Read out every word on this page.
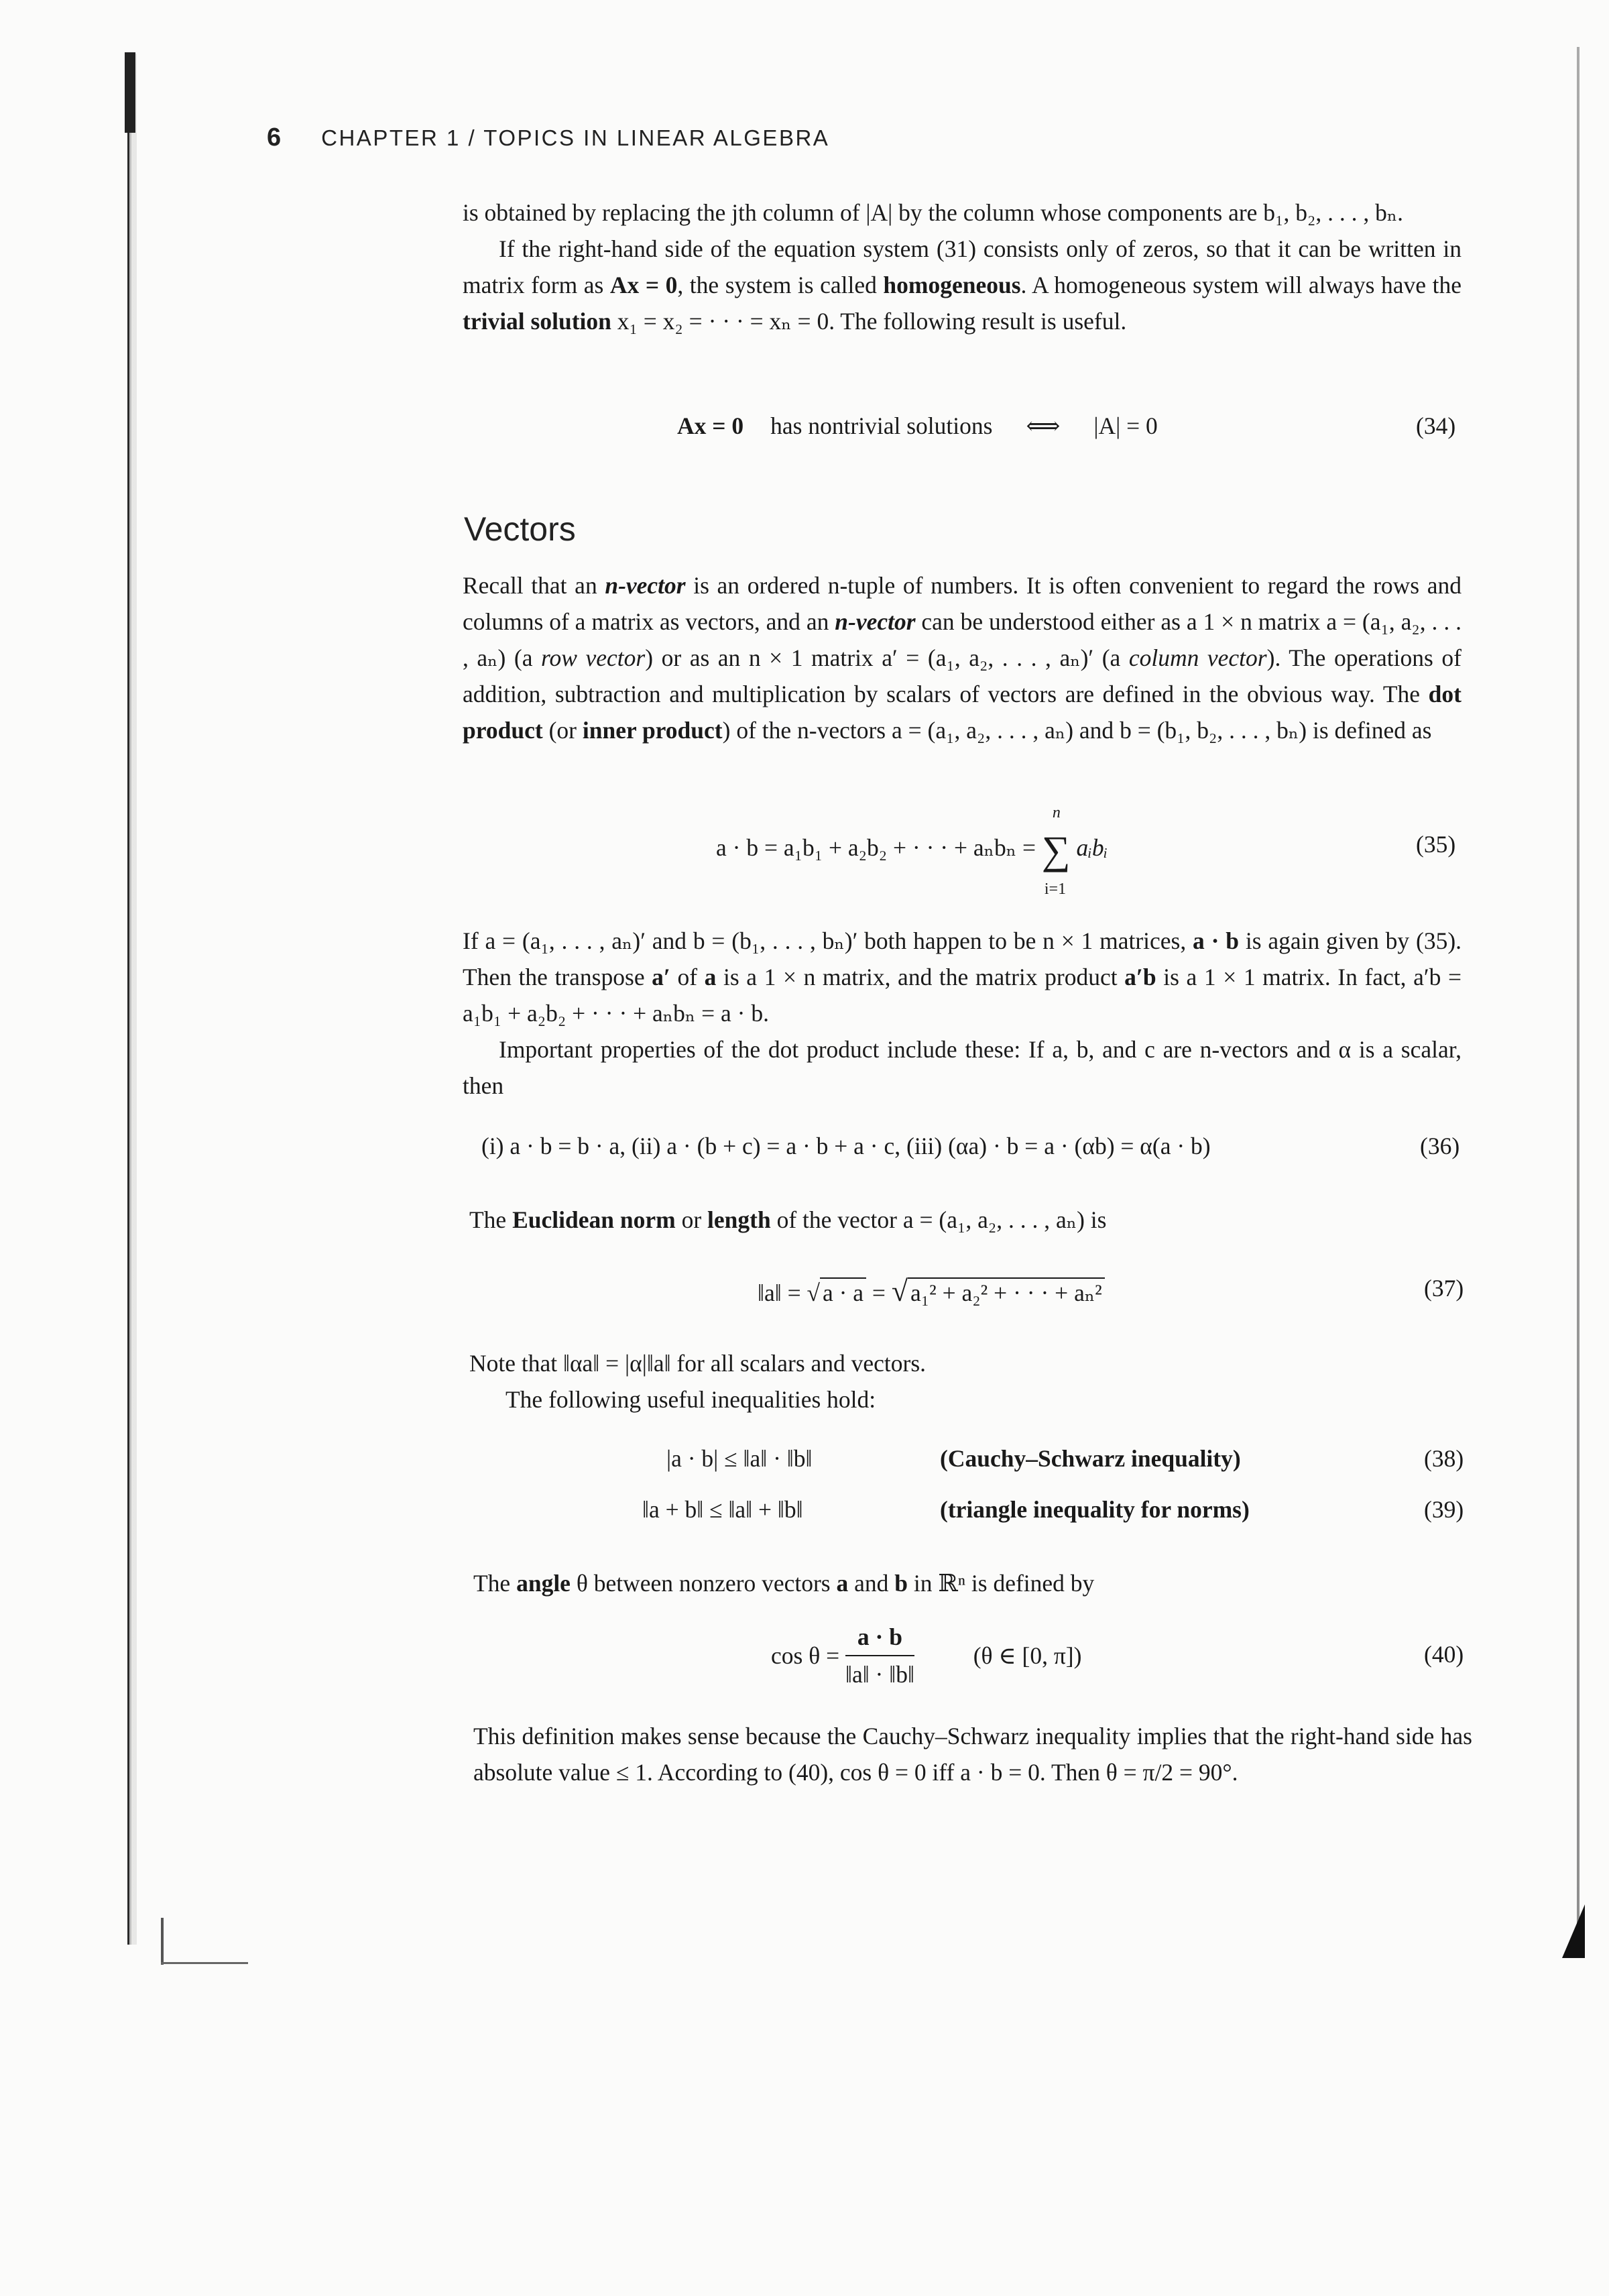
6 CHAPTER 1 / TOPICS IN LINEAR ALGEBRA

is obtained by replacing the jth column of |A| by the column whose components are b₁, b₂, . . . , bₙ.

If the right-hand side of the equation system (31) consists only of zeros, so that it can be written in matrix form as Ax = 0, the system is called homogeneous. A homogeneous system will always have the trivial solution x₁ = x₂ = · · · = xₙ = 0. The following result is useful.

Ax = 0 has nontrivial solutions ⟺ |A| = 0	(34)
Vectors

Recall that an n-vector is an ordered n-tuple of numbers. It is often convenient to regard the rows and columns of a matrix as vectors, and an n-vector can be understood either as a 1 × n matrix a = (a₁, a₂, . . . , aₙ) (a row vector) or as an n × 1 matrix a′ = (a₁, a₂, . . . , aₙ)′ (a column vector). The operations of addition, subtraction and multiplication by scalars of vectors are defined in the obvious way. The dot product (or inner product) of the n-vectors a = (a₁, a₂, . . . , aₙ) and b = (b₁, b₂, . . . , bₙ) is defined as

a · b = a₁b₁ + a₂b₂ + · · · + aₙbₙ = ∑
n
i=1
aᵢbᵢ	(35)

If a = (a₁, . . . , aₙ)′ and b = (b₁, . . . , bₙ)′ both happen to be n × 1 matrices, a · b is again given by (35). Then the transpose a′ of a is a 1 × n matrix, and the matrix product a′b is a 1 × 1 matrix. In fact, a′b = a₁b₁ + a₂b₂ + · · · + aₙbₙ = a · b.

Important properties of the dot product include these: If a, b, and c are n-vectors and α is a scalar, then

(i) a · b = b · a, (ii) a · (b + c) = a · b + a · c, (iii) (αa) · b = a · (αb) = α(a · b)	(36)

The Euclidean norm or length of the vector a = (a₁, a₂, . . . , aₙ) is

‖a‖ = √ a · a = √ a₁² + a₂² + · · · + aₙ²	(37)

Note that ‖αa‖ = |α|‖a‖ for all scalars and vectors.

The following useful inequalities hold:

|a · b| ≤ ‖a‖ · ‖b‖	(Cauchy–Schwarz inequality)	(38)
‖a + b‖ ≤ ‖a‖ + ‖b‖	(triangle inequality for norms)	(39)

The angle θ between nonzero vectors a and b in ℝⁿ is defined by

$\cos \theta = \frac{a \cdot b}{‖a‖ \cdot ‖b‖} (\theta$ ∈ [0, π])	(40)

This definition makes sense because the Cauchy–Schwarz inequality implies that the right-hand side has absolute value ≤ 1. According to (40), cos θ = 0 iff a · b = 0. Then θ = π/2 = 90°.
